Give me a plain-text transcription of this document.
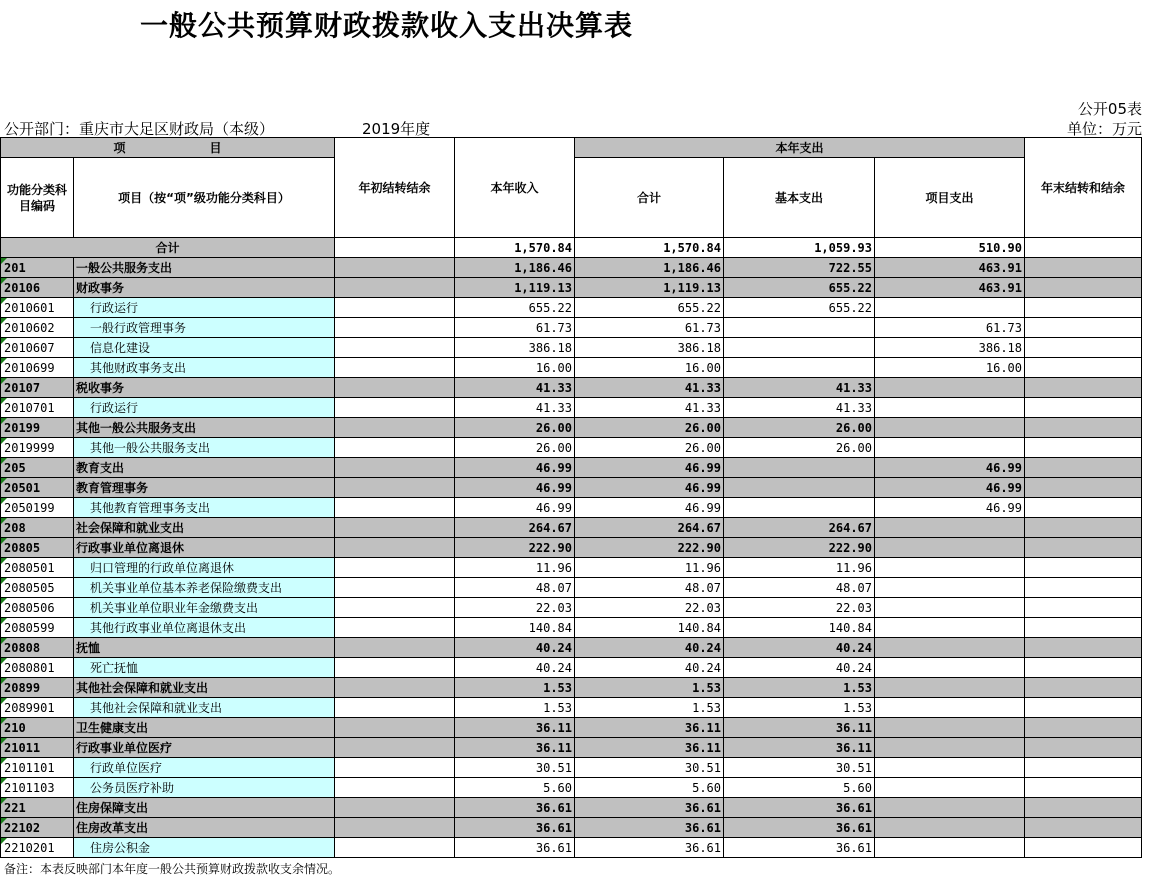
一般公共预算财政拨款收入支出决算表
公开05表
公开部门：重庆市大足区财政局（本级）	2019年度	单位：万元
项　　　　　　　目		年初结转结余	本年收入	本年支出			年末结转和结余
功能分类科目编码	项目（按“项”级功能分类科目）			合计	基本支出	项目支出	
合计			1,570.84	1,570.84	1,059.93	510.90	
201	一般公共服务支出		1,186.46	1,186.46	722.55	463.91	
20106	财政事务		1,119.13	1,119.13	655.22	463.91	
2010601	行政运行		655.22	655.22	655.22		
2010602	一般行政管理事务		61.73	61.73		61.73	
2010607	信息化建设		386.18	386.18		386.18	
2010699	其他财政事务支出		16.00	16.00		16.00	
20107	税收事务		41.33	41.33	41.33		
2010701	行政运行		41.33	41.33	41.33		
20199	其他一般公共服务支出		26.00	26.00	26.00		
2019999	其他一般公共服务支出		26.00	26.00	26.00		
205	教育支出		46.99	46.99		46.99	
20501	教育管理事务		46.99	46.99		46.99	
2050199	其他教育管理事务支出		46.99	46.99		46.99	
208	社会保障和就业支出		264.67	264.67	264.67		
20805	行政事业单位离退休		222.90	222.90	222.90		
2080501	归口管理的行政单位离退休		11.96	11.96	11.96		
2080505	机关事业单位基本养老保险缴费支出		48.07	48.07	48.07		
2080506	机关事业单位职业年金缴费支出		22.03	22.03	22.03		
2080599	其他行政事业单位离退休支出		140.84	140.84	140.84		
20808	抚恤		40.24	40.24	40.24		
2080801	死亡抚恤		40.24	40.24	40.24		
20899	其他社会保障和就业支出		1.53	1.53	1.53		
2089901	其他社会保障和就业支出		1.53	1.53	1.53		
210	卫生健康支出		36.11	36.11	36.11		
21011	行政事业单位医疗		36.11	36.11	36.11		
2101101	行政单位医疗		30.51	30.51	30.51		
2101103	公务员医疗补助		5.60	5.60	5.60		
221	住房保障支出		36.61	36.61	36.61		
22102	住房改革支出		36.61	36.61	36.61		
2210201	住房公积金		36.61	36.61	36.61		
备注：本表反映部门本年度一般公共预算财政拨款收支余情况。
